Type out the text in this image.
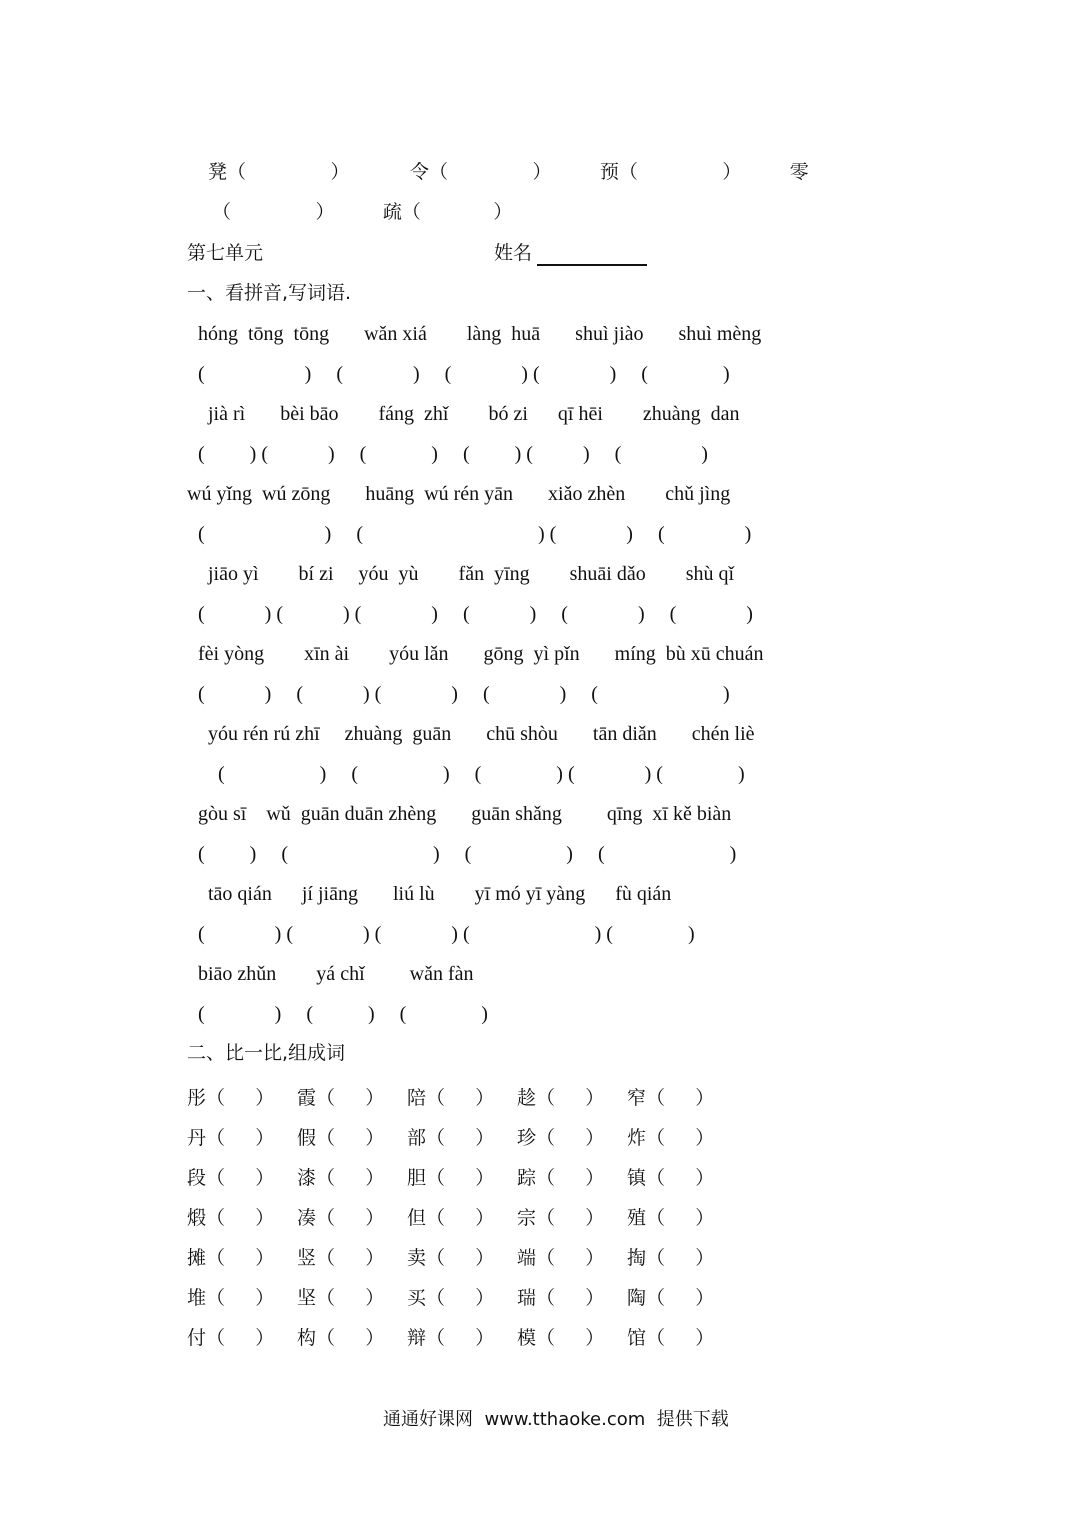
凳（              ）          令（              ）        预（              ）        零
（              ）        疏（            ）
第七单元	姓名
一、看拼音,写词语.
hóng  tōng  tōng       wǎn xiá        làng  huā       shuì jiào       shuì mèng
(                    )     (              )     (              ) (              )     (               )
jià rì       bèi bāo        fáng  zhǐ        bó zi      qī hēi        zhuàng  dan
(         ) (            )     (             )     (         ) (          )     (                )
wú yǐng  wú zōng       huāng  wú rén yān       xiǎo zhèn        chǔ jìng
(                        )     (                                   ) (              )     (                )
jiāo yì        bí zi     yóu  yù        fǎn  yīng        shuāi dǎo        shù qǐ
(            ) (            ) (              )     (            )     (              )     (              )
fèi yòng        xīn ài        yóu lǎn       gōng  yì pǐn       míng  bù xū chuán
(            )     (            ) (              )     (              )     (                         )
yóu rén rú zhī     zhuàng  guān       chū shòu       tān diǎn       chén liè
(                   )     (                 )     (               ) (              ) (               )
gòu sī    wǔ  guān duān zhèng       guān shǎng         qīng  xī kě biàn
(         )     (                             )     (                   )     (                         )
tāo qián      jí jiāng       liú lù        yī mó yī yàng      fù qián
(              ) (              ) (              ) (                         ) (               )
biāo zhǔn        yá chǐ         wǎn fàn
(              )     (           )     (               )
二、比一比,组成词
彤（     ）	霞（     ）	陪（     ）	趁（     ）	窄（     ）
丹（     ）	假（     ）	部（     ）	珍（     ）	炸（     ）
段（     ）	漆（     ）	胆（     ）	踪（     ）	镇（     ）
煅（     ）	凑（     ）	但（     ）	宗（     ）	殖（     ）
摊（     ）	竖（     ）	卖（     ）	端（     ）	掏（     ）
堆（     ）	坚（     ）	买（     ）	瑞（     ）	陶（     ）
付（     ）	构（     ）	辩（     ）	模（     ）	馆（     ）
通通好课网  www.tthaoke.com  提供下载
